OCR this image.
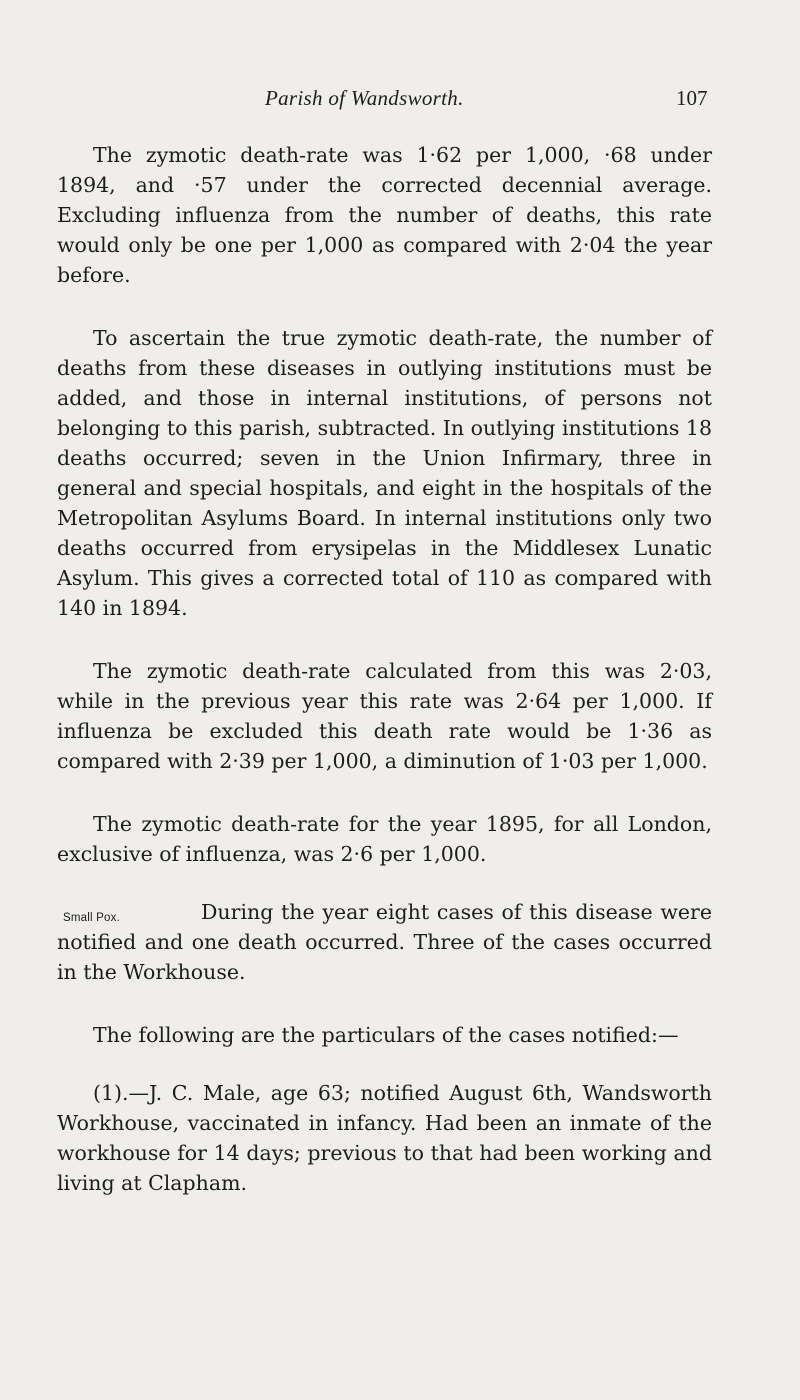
Parish of Wandsworth.	107

The zymotic death-rate was 1·62 per 1,000, ·68 under 1894, and ·57 under the corrected decennial average. Excluding influenza from the number of deaths, this rate would only be one per 1,000 as compared with 2·04 the year before.

To ascertain the true zymotic death-rate, the number of deaths from these diseases in outlying institutions must be added, and those in internal institutions, of persons not belonging to this parish, subtracted. In outlying institutions 18 deaths occurred; seven in the Union Infirmary, three in general and special hospitals, and eight in the hospitals of the Metropolitan Asylums Board. In internal institutions only two deaths occurred from erysipelas in the Middlesex Lunatic Asylum. This gives a corrected total of 110 as compared with 140 in 1894.

The zymotic death-rate calculated from this was 2·03, while in the previous year this rate was 2·64 per 1,000. If influenza be excluded this death rate would be 1·36 as compared with 2·39 per 1,000, a diminution of 1·03 per 1,000.

The zymotic death-rate for the year 1895, for all London, exclusive of influenza, was 2·6 per 1,000.

Small Pox.	During the year eight cases of this disease were notified and one death occurred. Three of the cases occurred in the Workhouse.

The following are the particulars of the cases notified:—

(1).—J. C. Male, age 63; notified August 6th, Wandsworth Workhouse, vaccinated in infancy. Had been an inmate of the workhouse for 14 days; previous to that had been working and living at Clapham.
